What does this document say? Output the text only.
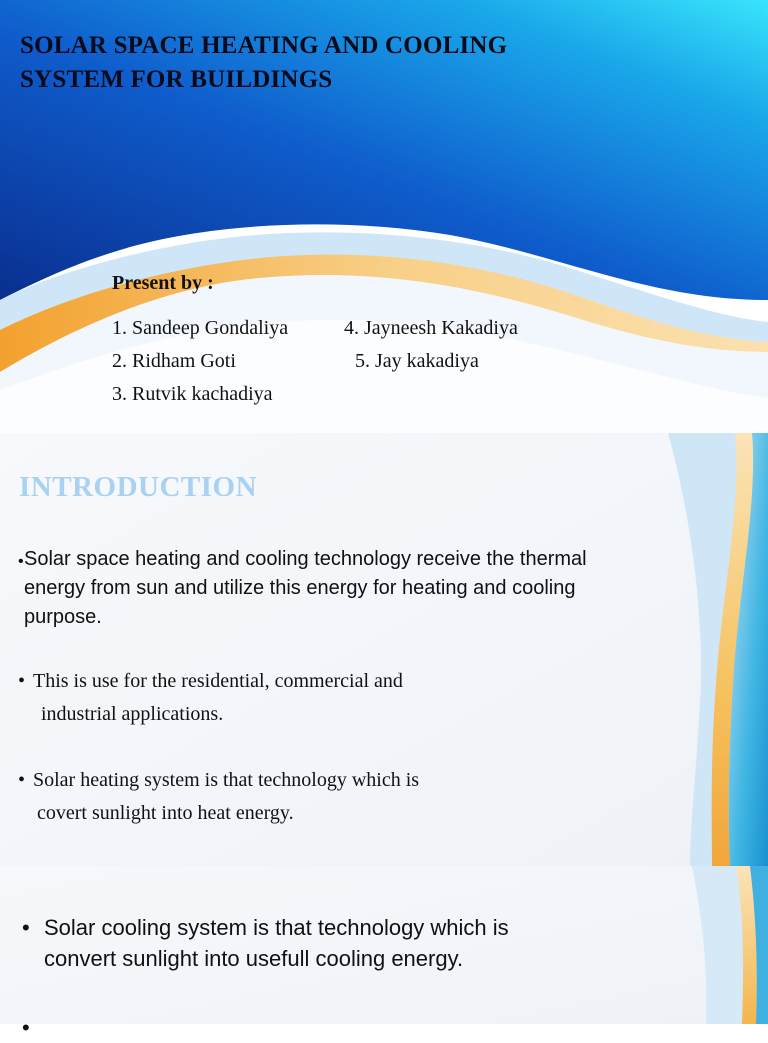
SOLAR SPACE HEATING AND COOLING
SYSTEM FOR BUILDINGS
Present by :
1. Sandeep Gondaliya	4. Jayneesh Kakadiya
2. Ridham Goti	5. Jay kakadiya
3. Rutvik kachadiya
INTRODUCTION
• Solar space heating and cooling technology receive the thermal
energy from sun and utilize this energy for heating and cooling
purpose.
• This is use for the residential, commercial and
industrial applications.
• Solar heating system is that technology which is
covert sunlight into heat energy.
• Solar cooling system is that technology which is
convert sunlight into usefull cooling energy.
•
